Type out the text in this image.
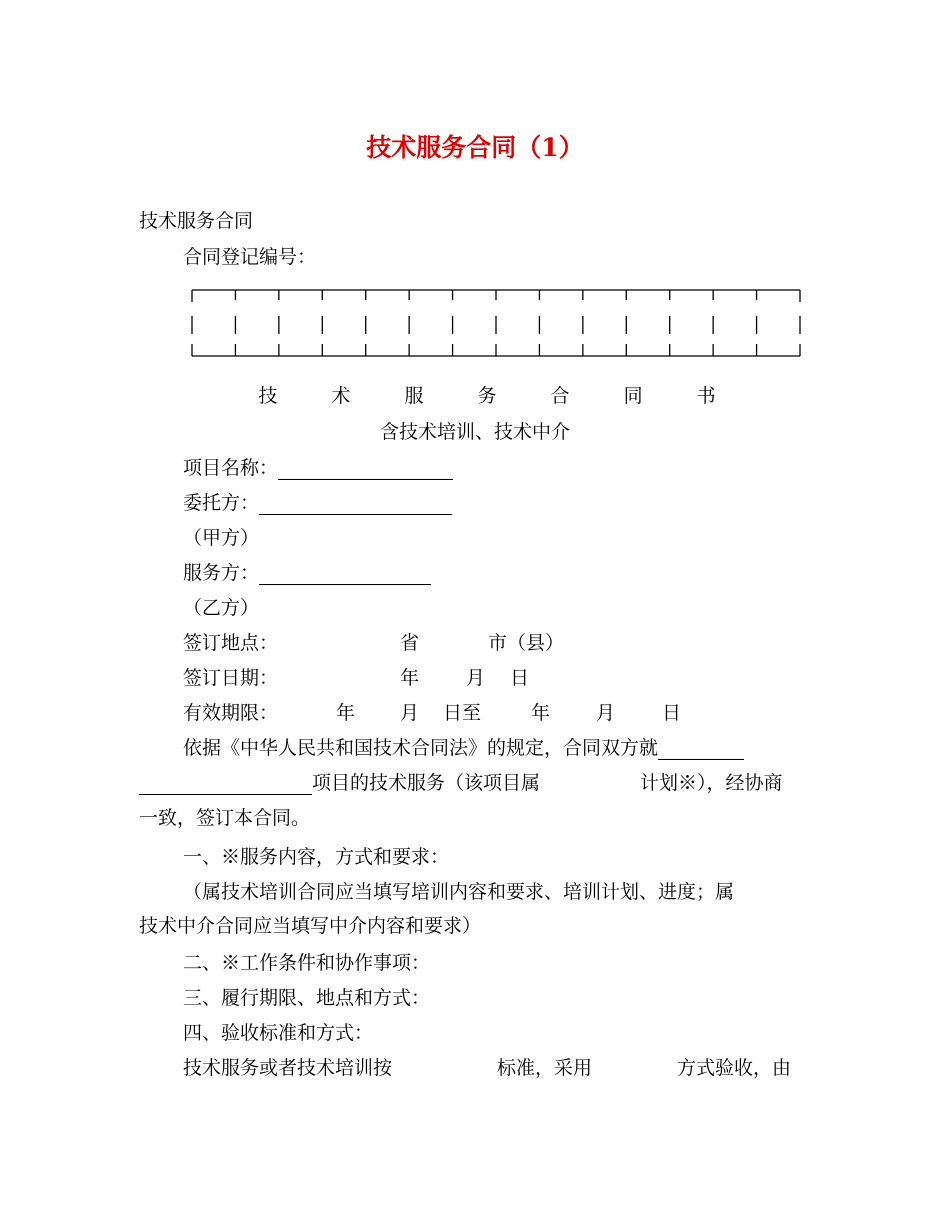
技术服务合同（1）
技术服务合同
合同登记编号：
技 术 服 务 合 同 书
含技术培训、技术中介
项目名称：
委托方：
（甲方）
服务方：
（乙方）
签订地点：	省	市（县）
签订日期：	年 月 日
有效期限：	年 月 日至	年 月 日
依据《中华人民共和国技术合同法》的规定，合同双方就
项目的技术服务（该项目属	计划※），经协商
一致，签订本合同。
一、※服务内容，方式和要求：
（属技术培训合同应当填写培训内容和要求、培训计划、进度；属
技术中介合同应当填写中介内容和要求）
二、※工作条件和协作事项：
三、履行期限、地点和方式：
四、验收标准和方式：
技术服务或者技术培训按	标准，采用	方式验收，由
